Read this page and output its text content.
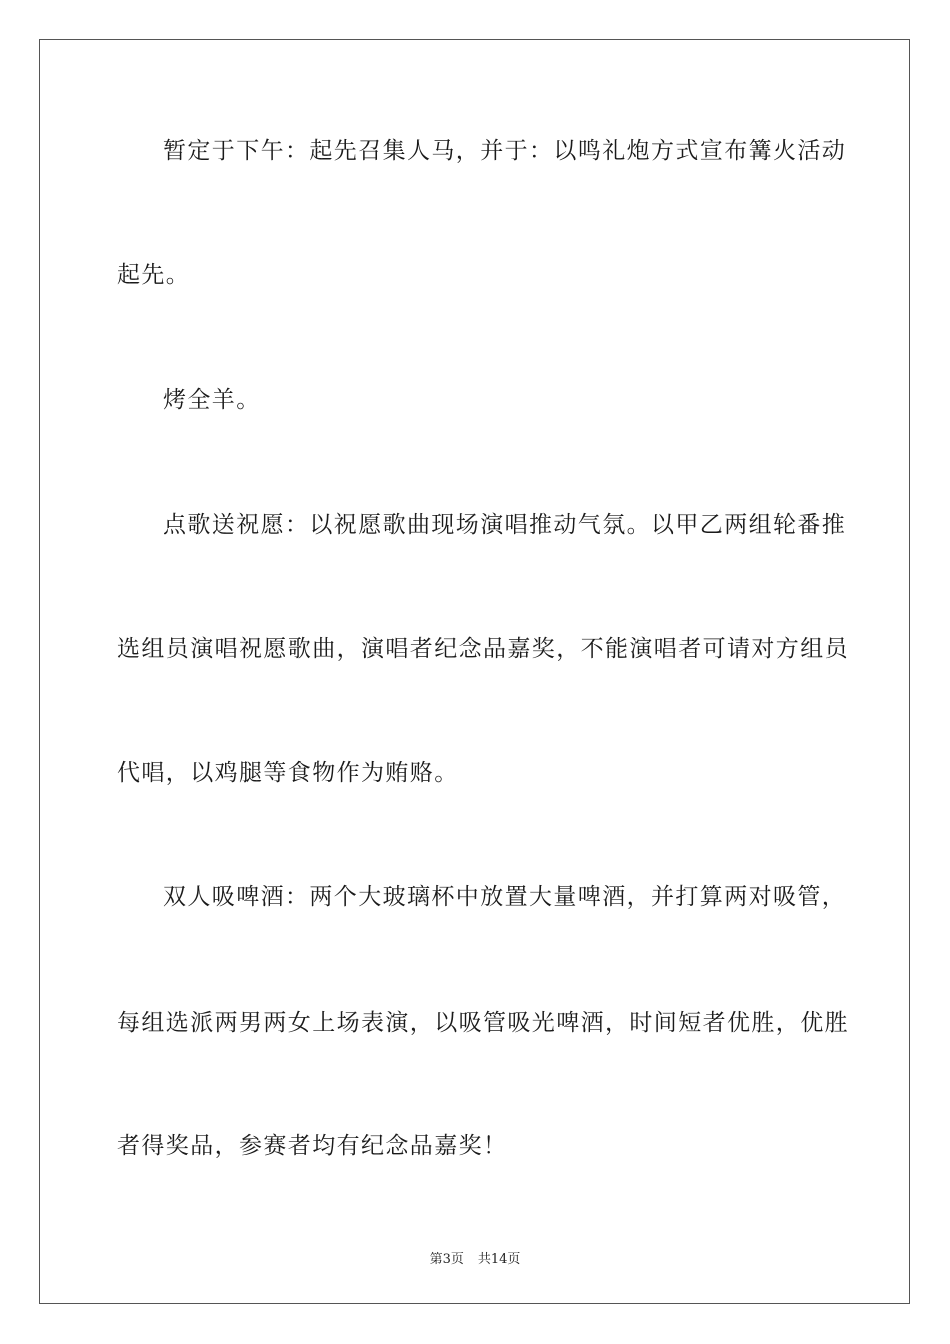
暂定于下午：起先召集人马，并于：以鸣礼炮方式宣布篝火活动
起先。
烤全羊。
点歌送祝愿：以祝愿歌曲现场演唱推动气氛。以甲乙两组轮番推
选组员演唱祝愿歌曲，演唱者纪念品嘉奖，不能演唱者可请对方组员
代唱，以鸡腿等食物作为贿赂。
双人吸啤酒：两个大玻璃杯中放置大量啤酒，并打算两对吸管，
每组选派两男两女上场表演，以吸管吸光啤酒，时间短者优胜，优胜
者得奖品，参赛者均有纪念品嘉奖！
第3页 共14页
